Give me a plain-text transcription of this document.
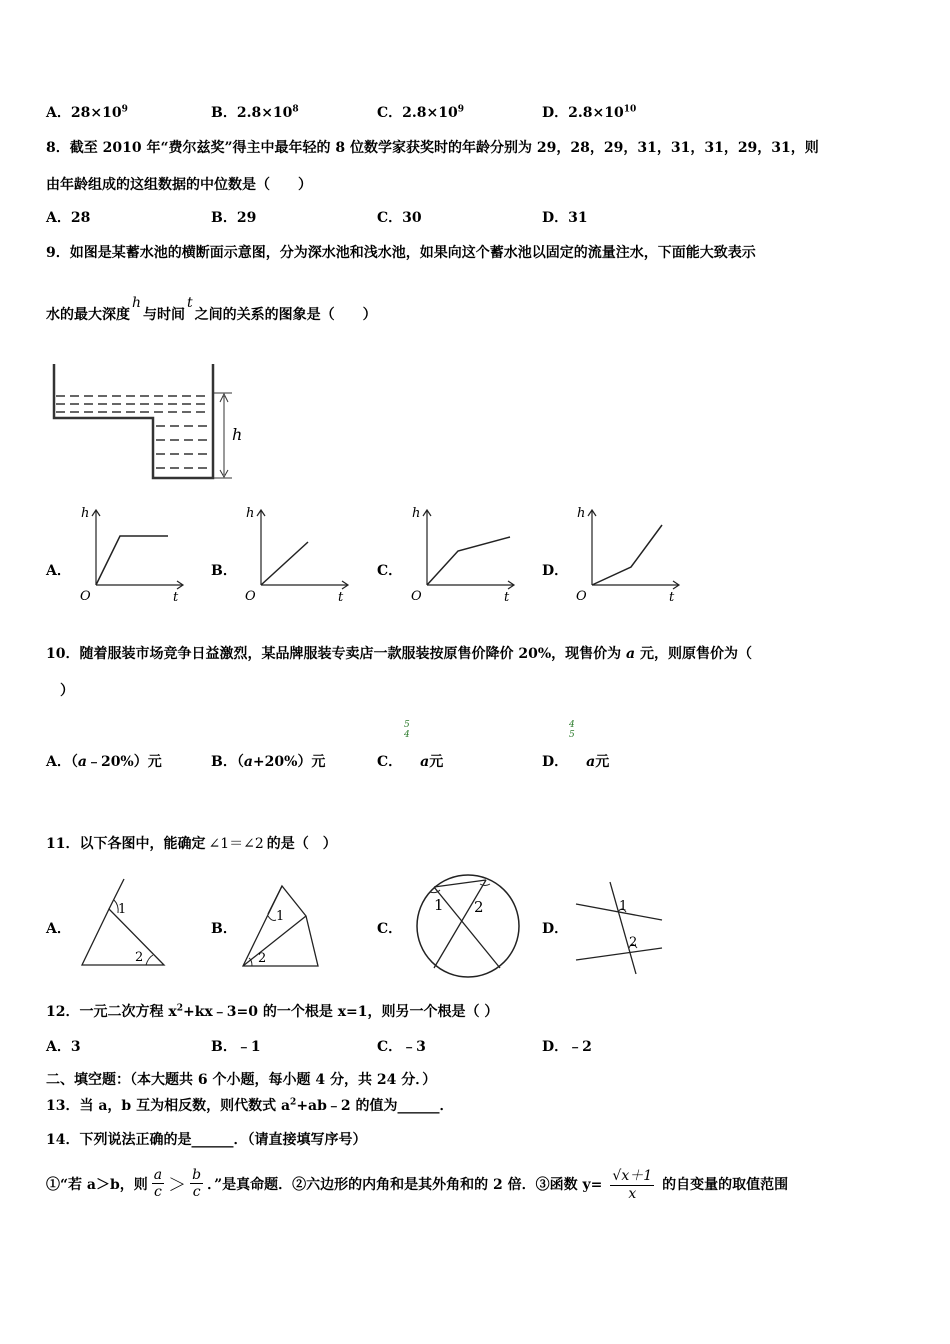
A．$28\times 10^9$	B．$2.8\times 10^8$	C．$2.8\times 10^9$	D．$2.8\times 10^{10}$
8．截至 2010 年“费尔兹奖”得主中最年轻的 8 位数学家获奖时的年龄分别为 29，28，29，31，31，31，29，31，则
由年龄组成的这组数据的中位数是（　　）
A．28	B．29	C．30	D．31
9．如图是某蓄水池的横断面示意图，分为深水池和浅水池，如果向这个蓄水池以固定的流量注水，下面能大致表示
水的最大深度h与时间t之间的关系的图象是（　　）
h
A．
h
t
O
B．
h
t
O
C．
h
t
O
D．
h
t
O
10．随着服装市场竞争日益激烈，某品牌服装专卖店一款服装按原售价降价 20%，现售价为 a 元，则原售价为（
）
A．（a﹣20%）元	B．（a+20%）元	C． a元
5
4
D． a元
4
5
11．以下各图中，能确定 ∠1＝∠2 的是（　）
A．
1
2
B．
1
2
C．
1 2
D．
1
2
12．一元二次方程 $x^2+kx﹣3=0$ 的一个根是 x=1，则另一个根是（ ）
A．3	B．﹣1	C．﹣3	D．﹣2
二、填空题：（本大题共 6 个小题，每小题 4 分，共 24 分．）
13．当 a，b 互为相反数，则代数式 $a^2+ab﹣2$ 的值为______．
14．下列说法正确的是______．（请直接填写序号）
①“若 a＞b，则 $\frac{a}{c} > \frac{b}{c}$ ．”是真命题．②六边形的内角和是其外角和的 2 倍．③函数 $y= \frac{√x+1}{x}$ 的自变量的取值范围
